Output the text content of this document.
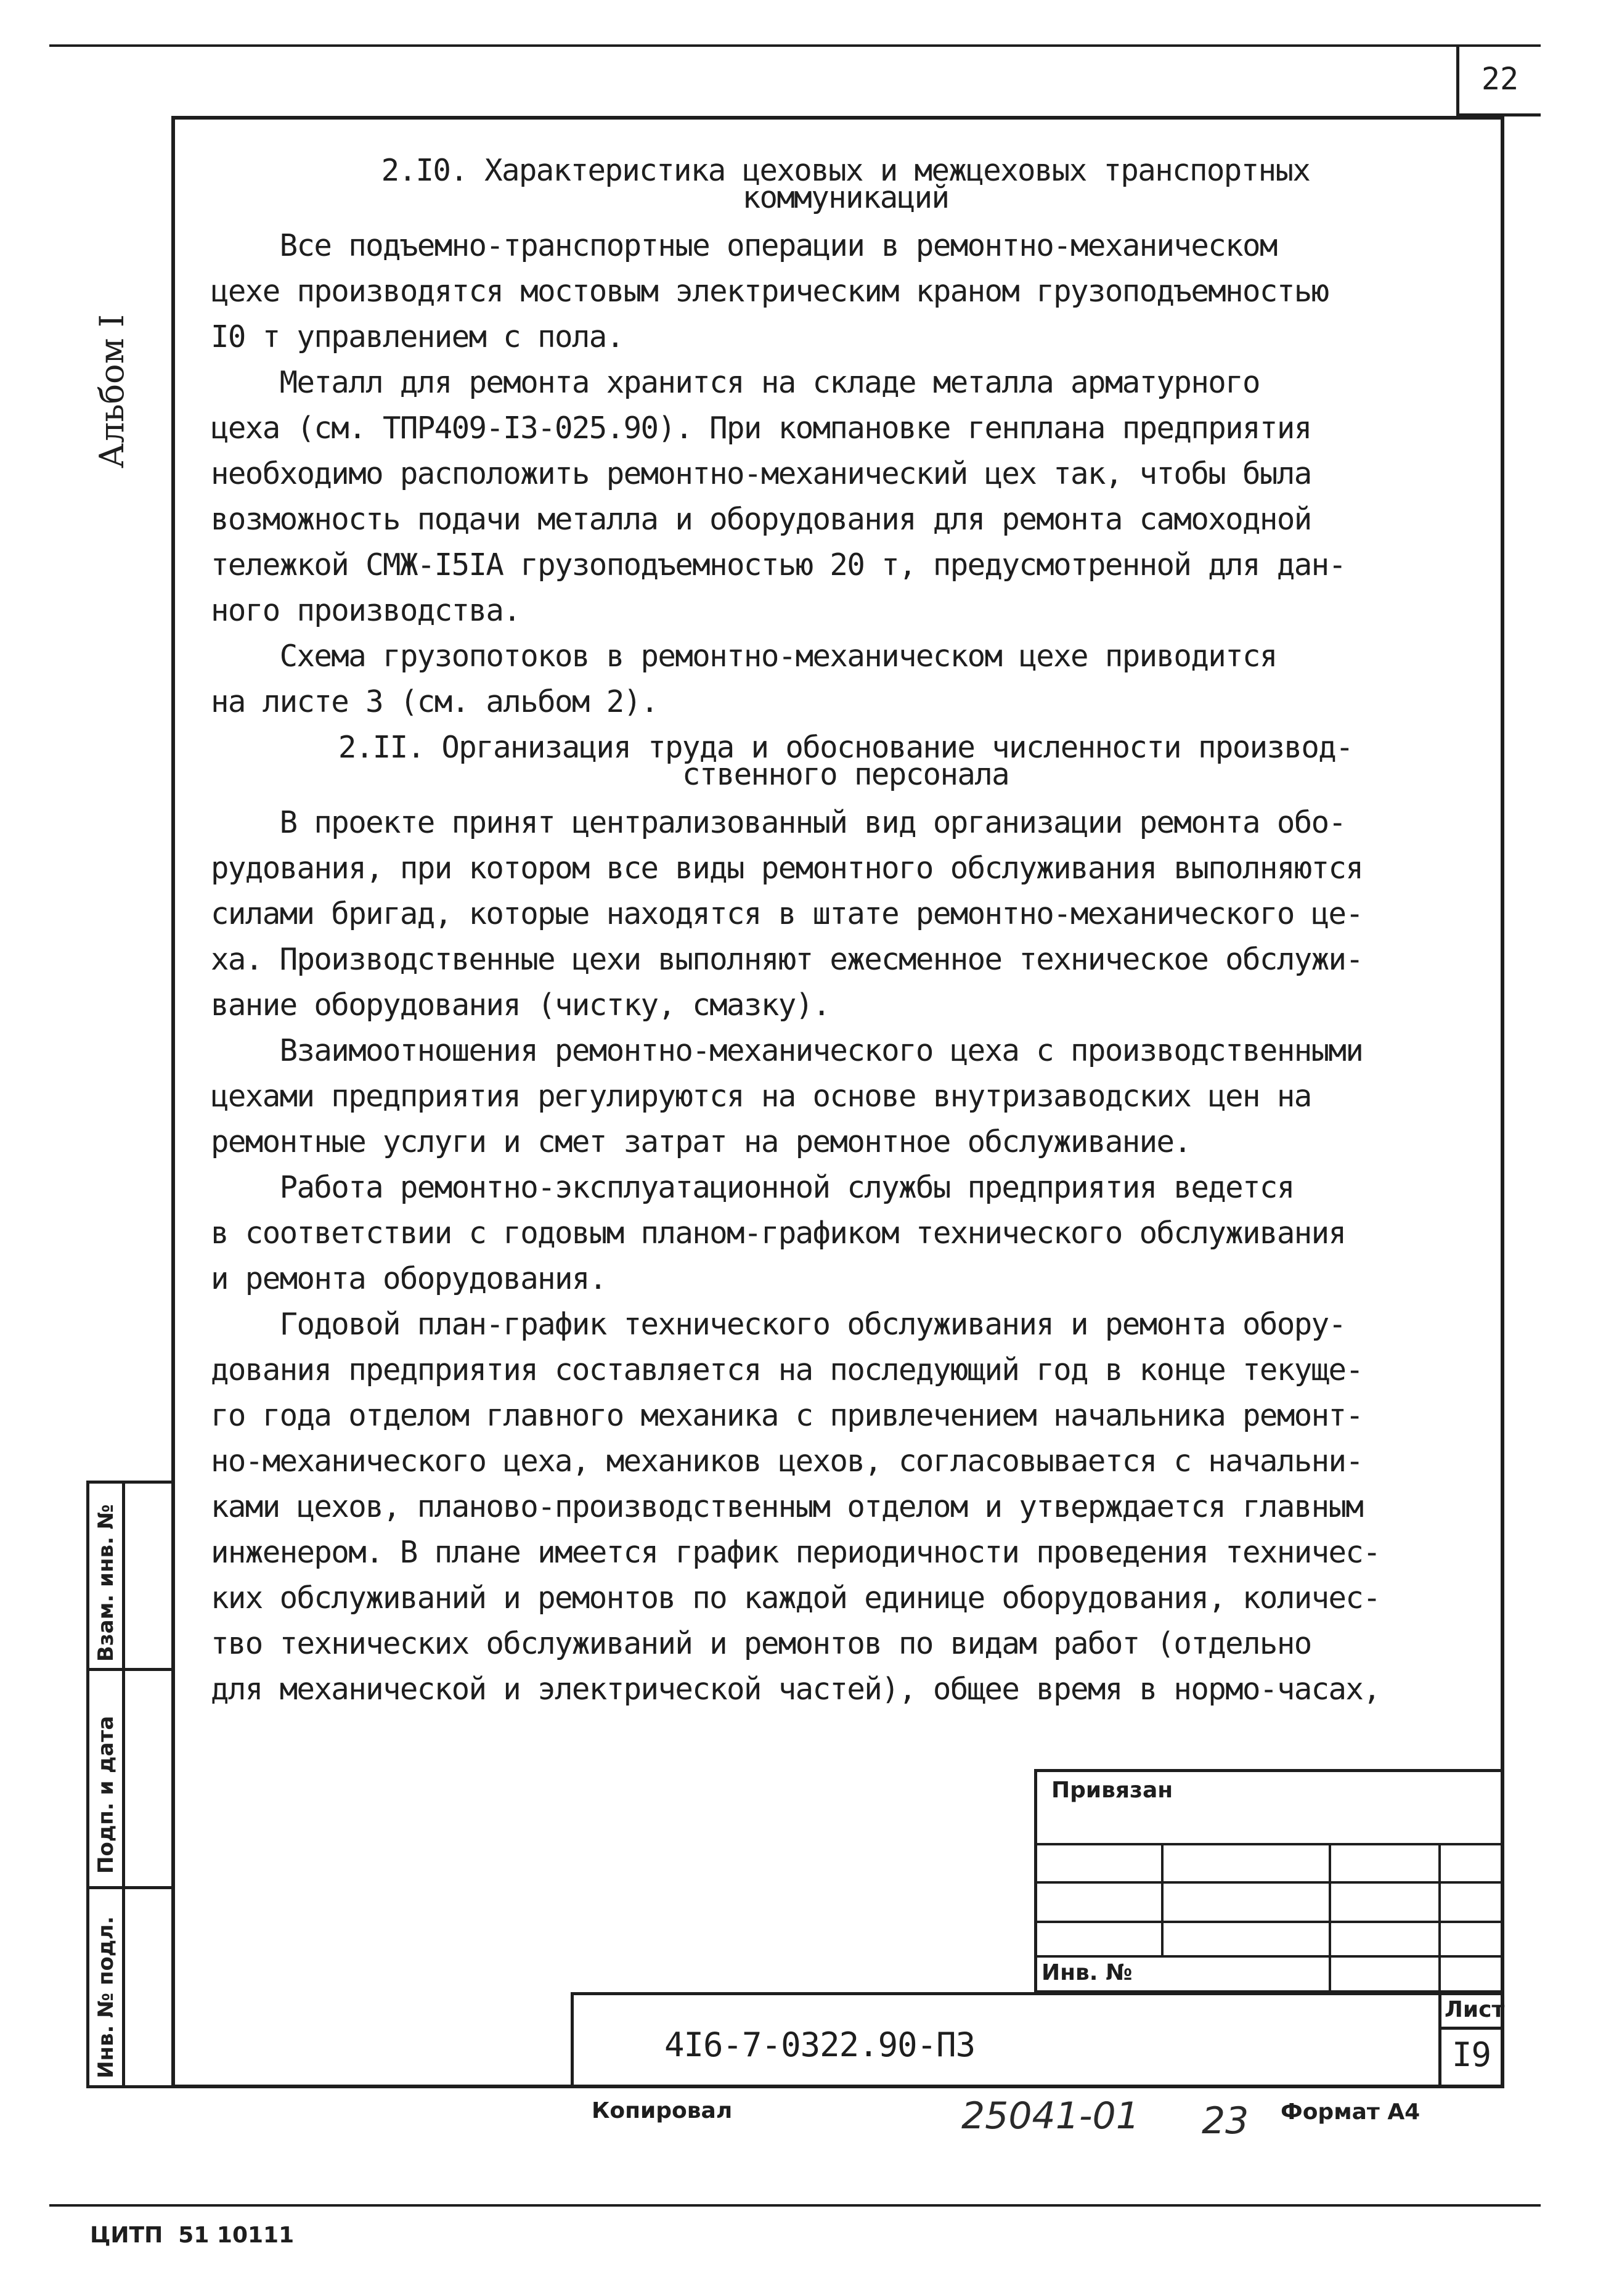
22
Альбом I
2.I0. Характеристика цеховых и межцеховых транспортных
коммуникаций
Все подъемно-транспортные операции в ремонтно-механическом
цехе производятся мостовым электрическим краном грузоподъемностью
I0 т управлением с пола.
Металл для ремонта хранится на складе металла арматурного
цеха (см. ТПР409-I3-025.90). При компановке генплана предприятия
необходимо расположить ремонтно-механический цех так, чтобы была
возможность подачи металла и оборудования для ремонта самоходной
тележкой СМЖ-I5IА грузоподъемностью 20 т, предусмотренной для дан-
ного производства.
Схема грузопотоков в ремонтно-механическом цехе приводится
на листе 3 (см. альбом 2).
2.II. Организация труда и обоснование численности производ-
ственного персонала
В проекте принят централизованный вид организации ремонта обо-
рудования, при котором все виды ремонтного обслуживания выполняются
силами бригад, которые находятся в штате ремонтно-механического це-
ха. Производственные цехи выполняют ежесменное техническое обслужи-
вание оборудования (чистку, смазку).
Взаимоотношения ремонтно-механического цеха с производственными
цехами предприятия регулируются на основе внутризаводских цен на
ремонтные услуги и смет затрат на ремонтное обслуживание.
Работа ремонтно-эксплуатационной службы предприятия ведется
в соответствии с годовым планом-графиком технического обслуживания
и ремонта оборудования.
Годовой план-график технического обслуживания и ремонта обору-
дования предприятия составляется на последующий год в конце текуще-
го года отделом главного механика с привлечением начальника ремонт-
но-механического цеха, механиков цехов, согласовывается с начальни-
ками цехов, планово-производственным отделом и утверждается главным
инженером. В плане имеется график периодичности проведения техничес-
ких обслуживаний и ремонтов по каждой единице оборудования, количес-
тво технических обслуживаний и ремонтов по видам работ (отдельно
для механической и электрической частей), общее время в нормо-часах,
Взам. инв. №
Подп. и дата
Инв. № подл.
Привязан
Инв. №
Лист
I9
4I6-7-0322.90-ПЗ
Копировал	25041-01 23 Формат А4
ЦИТП  51 10111
